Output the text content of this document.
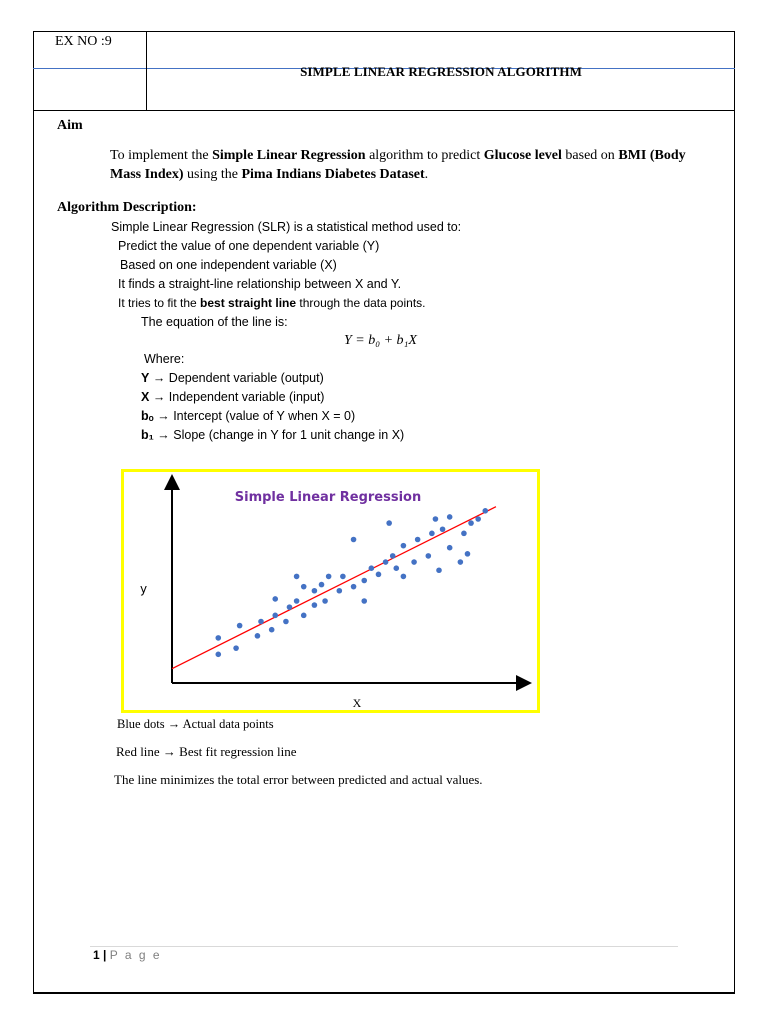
EX NO :9
SIMPLE LINEAR REGRESSION ALGORITHM
Aim
To implement the Simple Linear Regression algorithm to predict Glucose level based on BMI (Body Mass Index) using the Pima Indians Diabetes Dataset.
Algorithm Description:
Simple Linear Regression (SLR) is a statistical method used to:
Predict the value of one dependent variable (Y)
Based on one independent variable (X)
It finds a straight-line relationship between X and Y.
It tries to fit the best straight line through the data points.
The equation of the line is:
Y = b₀ + b₁X
Where:
Y → Dependent variable (output)
X → Independent variable (input)
bₒ → Intercept (value of Y when X = 0)
b₁ → Slope (change in Y for 1 unit change in X)
Simple Linear Regression
y
X
Blue dots → Actual data points
Red line → Best fit regression line
The line minimizes the total error between predicted and actual values.
1 | P a g e
